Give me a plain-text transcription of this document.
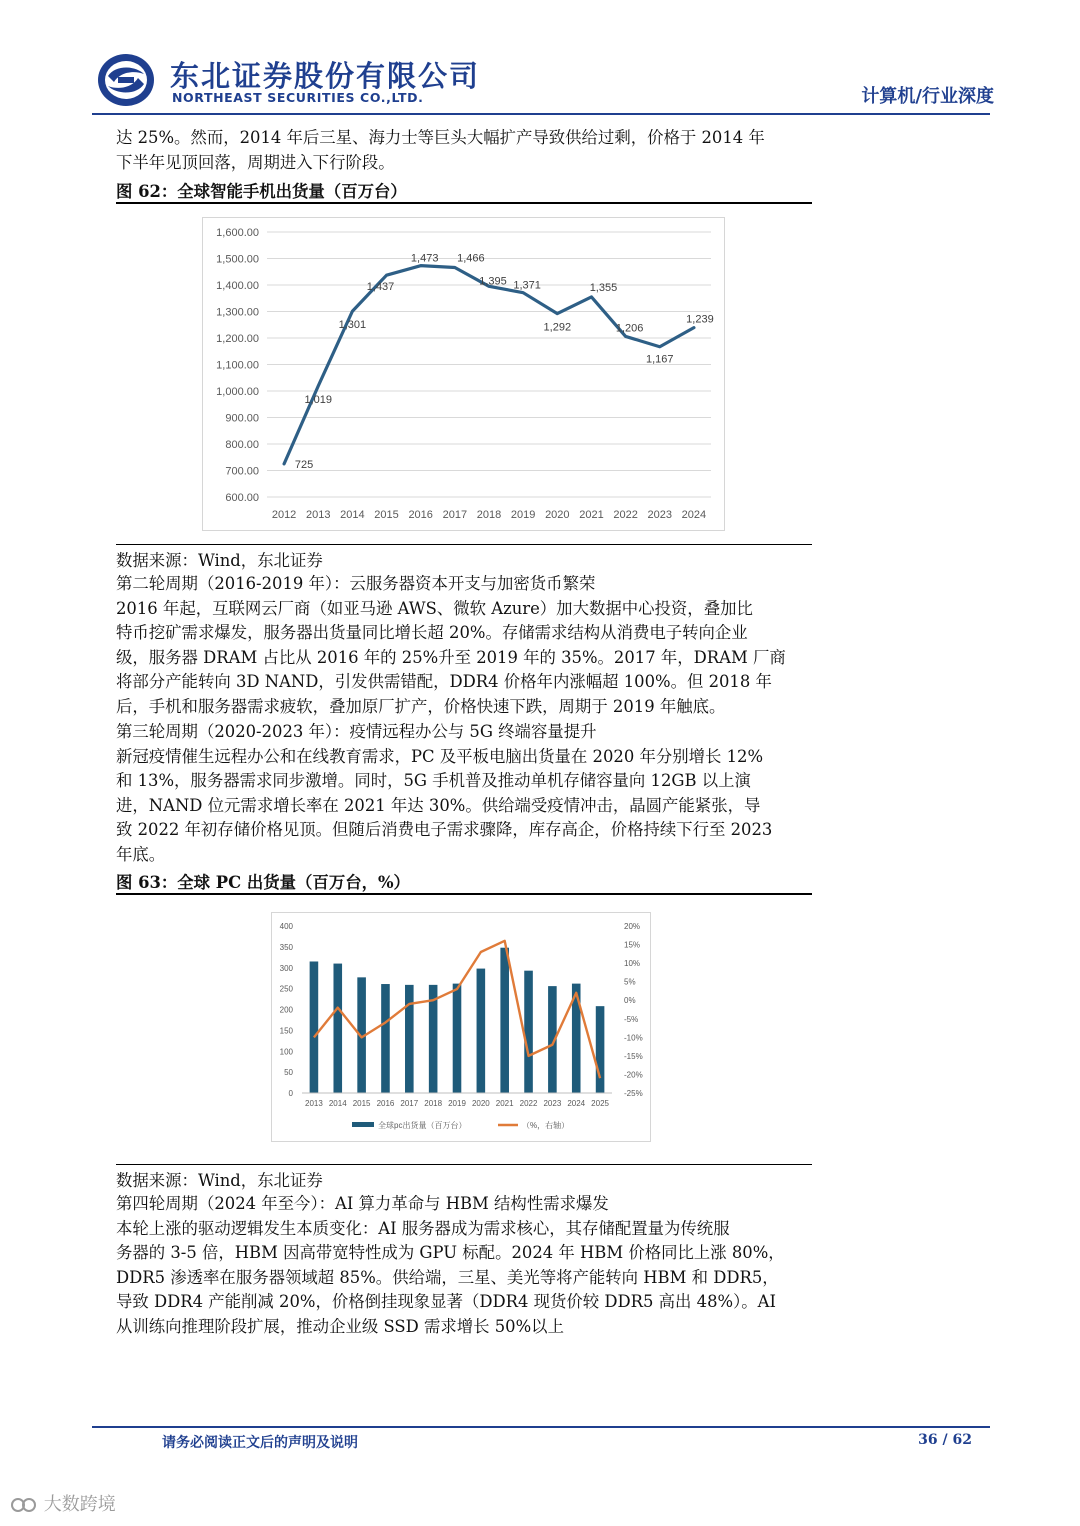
东北证券股份有限公司
NORTHEAST SECURITIES CO.,LTD.	计算机/行业深度
达 25%。然而，2014 年后三星、海力士等巨头大幅扩产导致供给过剩，价格于 2014 年
下半年见顶回落，周期进入下行阶段。
图 62：全球智能手机出货量（百万台）
600.00
700.00
800.00
900.00
1,000.00
1,100.00
1,200.00
1,300.00
1,400.00
1,500.00
1,600.00
2012 2013 2014 2015 2016 2017 2018 2019 2020 2021 2022 2023 2024
725
1,019
1,301
1,437
1,473 1,466
1,395 1,371
1,292
1,355
1,206
1,167
1,239
数据来源：Wind，东北证券
第二轮周期（2016-2019 年）：云服务器资本开支与加密货币繁荣
2016 年起，互联网云厂商（如亚马逊 AWS、微软 Azure）加大数据中心投资，叠加比
特币挖矿需求爆发，服务器出货量同比增长超 20%。存储需求结构从消费电子转向企业
级，服务器 DRAM 占比从 2016 年的 25%升至 2019 年的 35%。2017 年，DRAM 厂商
将部分产能转向 3D NAND，引发供需错配，DDR4 价格年内涨幅超 100%。但 2018 年
后，手机和服务器需求疲软，叠加原厂扩产，价格快速下跌，周期于 2019 年触底。
第三轮周期（2020-2023 年）：疫情远程办公与 5G 终端容量提升
新冠疫情催生远程办公和在线教育需求，PC 及平板电脑出货量在 2020 年分别增长 12%
和 13%，服务器需求同步激增。同时，5G 手机普及推动单机存储容量向 12GB 以上演
进，NAND 位元需求增长率在 2021 年达 30%。供给端受疫情冲击，晶圆产能紧张，导
致 2022 年初存储价格见顶。但随后消费电子需求骤降，库存高企，价格持续下行至 2023
年底。
图 63：全球 PC 出货量（百万台，%）
0
50
100
150
200
250
300
350
400
-25%
-20%
-15%
-10%
-5%
0%
5%
10%
15%
20%
2013 2014 2015 2016 2017 2018 2019 2020 2021 2022 2023 2024 2025
全球pc出货量（百万台）	（%，右轴）
数据来源：Wind，东北证券
第四轮周期（2024 年至今）：AI 算力革命与 HBM 结构性需求爆发
本轮上涨的驱动逻辑发生本质变化：AI 服务器成为需求核心，其存储配置量为传统服
务器的 3-5 倍，HBM 因高带宽特性成为 GPU 标配。2024 年 HBM 价格同比上涨 80%，
DDR5 渗透率在服务器领域超 85%。供给端，三星、美光等将产能转向 HBM 和 DDR5，
导致 DDR4 产能削减 20%，价格倒挂现象显著（DDR4 现货价较 DDR5 高出 48%）。AI
从训练向推理阶段扩展，推动企业级 SSD 需求增长 50%以上
请务必阅读正文后的声明及说明	36 / 62
大数跨境
